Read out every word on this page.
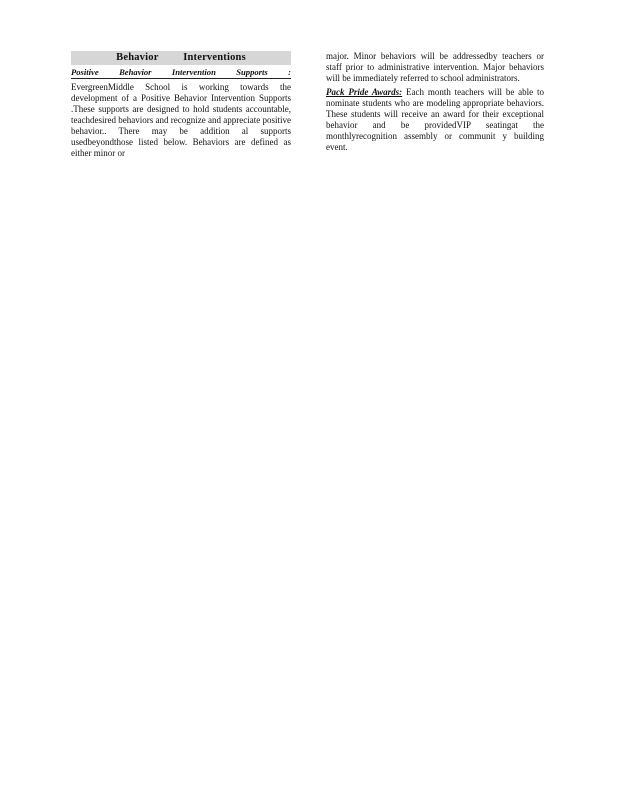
Behavior Interventions
Positive Behavior Intervention Supports :

EvergreenMiddle School is working towards the development of a Positive Behavior Intervention Supports .These supports are designed to hold students accountable, teachdesired behaviors and recognize and appreciate positive behavior.. There may be addition al supports usedbeyondthose listed below. Behaviors are defined as either minor or

major. Minor behaviors will be addressedby teachers or staff prior to administrative intervention. Major behaviors will be immediately referred to school administrators.

Pack Pride Awards: Each month teachers will be able to nominate students who are modeling appropriate behaviors. These students will receive an award for their exceptional behavior and be providedVIP seatingat the monthlyrecognition assembly or communit y building event.
